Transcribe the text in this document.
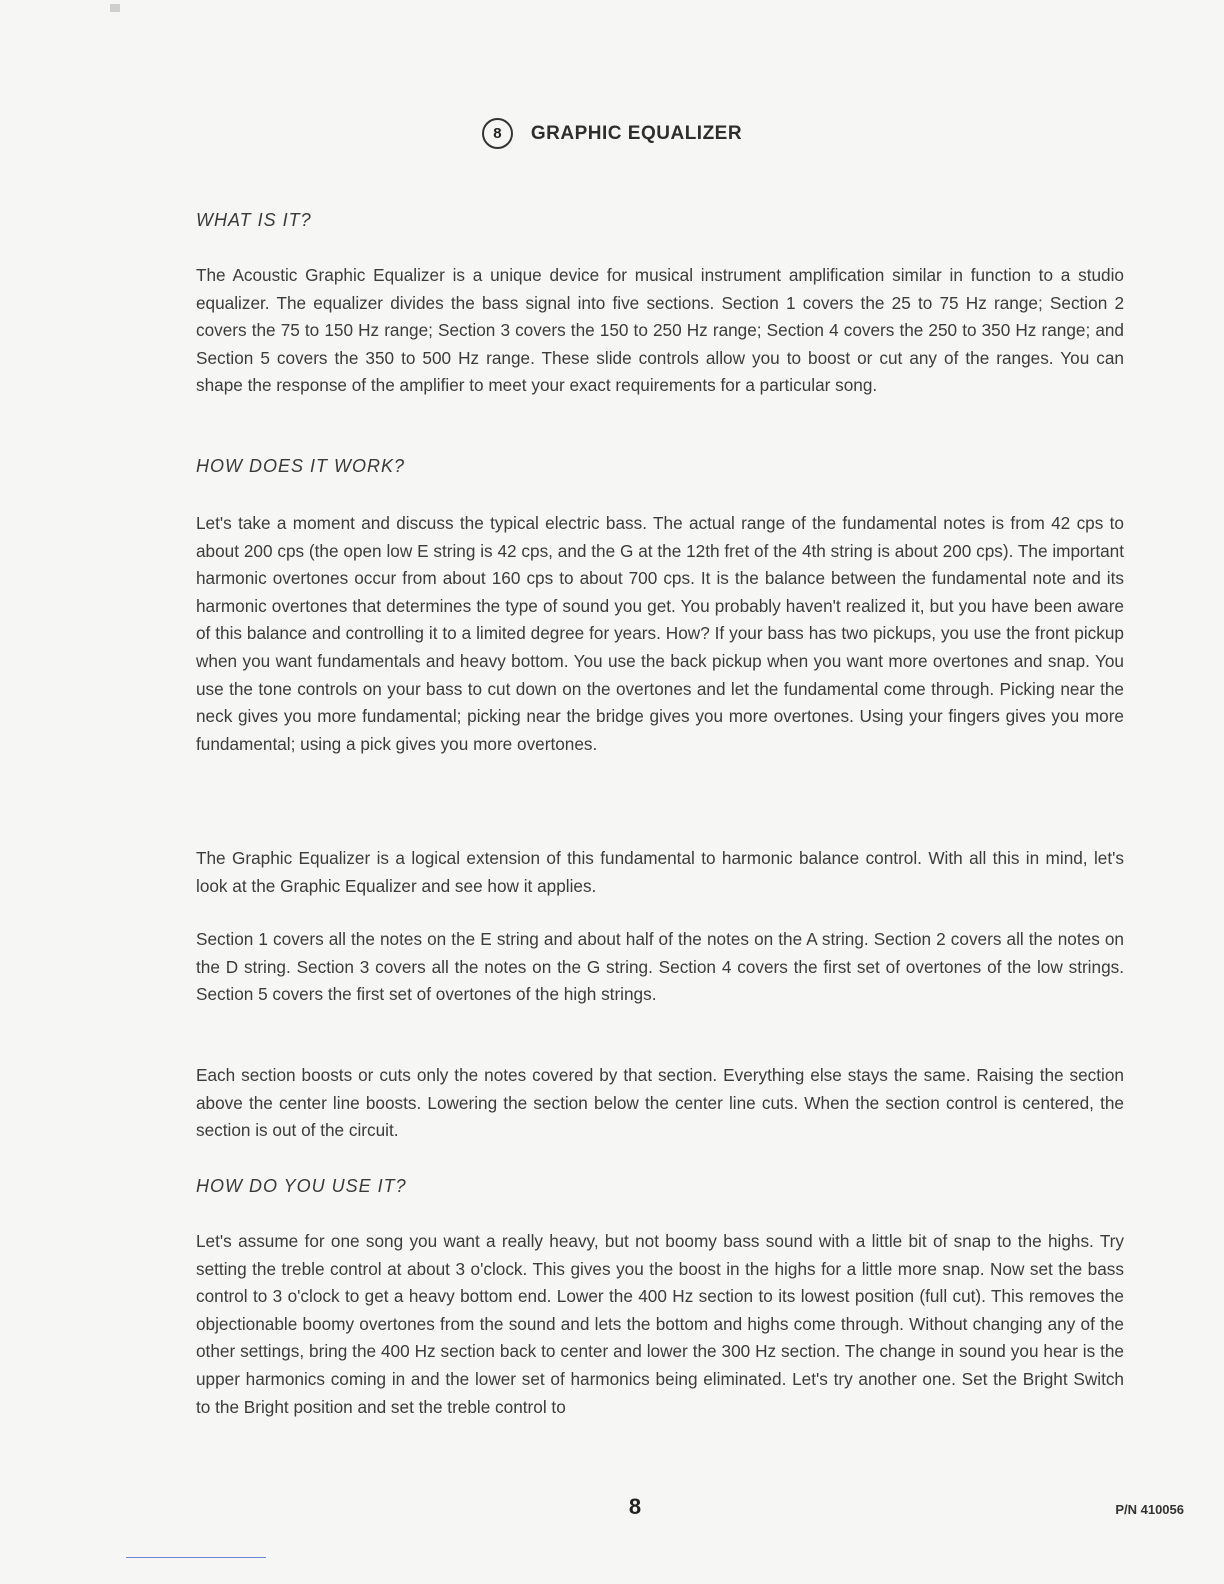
8	GRAPHIC EQUALIZER
WHAT IS IT?

The Acoustic Graphic Equalizer is a unique device for musical instrument amplification similar in function to a studio equalizer. The equalizer divides the bass signal into five sections. Section 1 covers the 25 to 75 Hz range; Section 2 covers the 75 to 150 Hz range; Section 3 covers the 150 to 250 Hz range; Section 4 covers the 250 to 350 Hz range; and Section 5 covers the 350 to 500 Hz range. These slide controls allow you to boost or cut any of the ranges. You can shape the response of the amplifier to meet your exact requirements for a particular song.

HOW DOES IT WORK?

Let's take a moment and discuss the typical electric bass. The actual range of the fundamental notes is from 42 cps to about 200 cps (the open low E string is 42 cps, and the G at the 12th fret of the 4th string is about 200 cps). The important harmonic overtones occur from about 160 cps to about 700 cps. It is the balance between the fundamental note and its harmonic overtones that determines the type of sound you get. You probably haven't realized it, but you have been aware of this balance and controlling it to a limited degree for years. How? If your bass has two pickups, you use the front pickup when you want fundamentals and heavy bottom. You use the back pickup when you want more overtones and snap. You use the tone controls on your bass to cut down on the overtones and let the fundamental come through. Picking near the neck gives you more fundamental; picking near the bridge gives you more overtones. Using your fingers gives you more fundamental; using a pick gives you more overtones.

The Graphic Equalizer is a logical extension of this fundamental to harmonic balance control. With all this in mind, let's look at the Graphic Equalizer and see how it applies.

Section 1 covers all the notes on the E string and about half of the notes on the A string. Section 2 covers all the notes on the D string. Section 3 covers all the notes on the G string. Section 4 covers the first set of overtones of the low strings. Section 5 covers the first set of overtones of the high strings.

Each section boosts or cuts only the notes covered by that section. Everything else stays the same. Raising the section above the center line boosts. Lowering the section below the center line cuts. When the section control is centered, the section is out of the circuit.

HOW DO YOU USE IT?

Let's assume for one song you want a really heavy, but not boomy bass sound with a little bit of snap to the highs. Try setting the treble control at about 3 o'clock. This gives you the boost in the highs for a little more snap. Now set the bass control to 3 o'clock to get a heavy bottom end. Lower the 400 Hz section to its lowest position (full cut). This removes the objectionable boomy overtones from the sound and lets the bottom and highs come through. Without changing any of the other settings, bring the 400 Hz section back to center and lower the 300 Hz section. The change in sound you hear is the upper harmonics coming in and the lower set of harmonics being eliminated. Let's try another one. Set the Bright Switch to the Bright position and set the treble control to

8	P/N 410056
